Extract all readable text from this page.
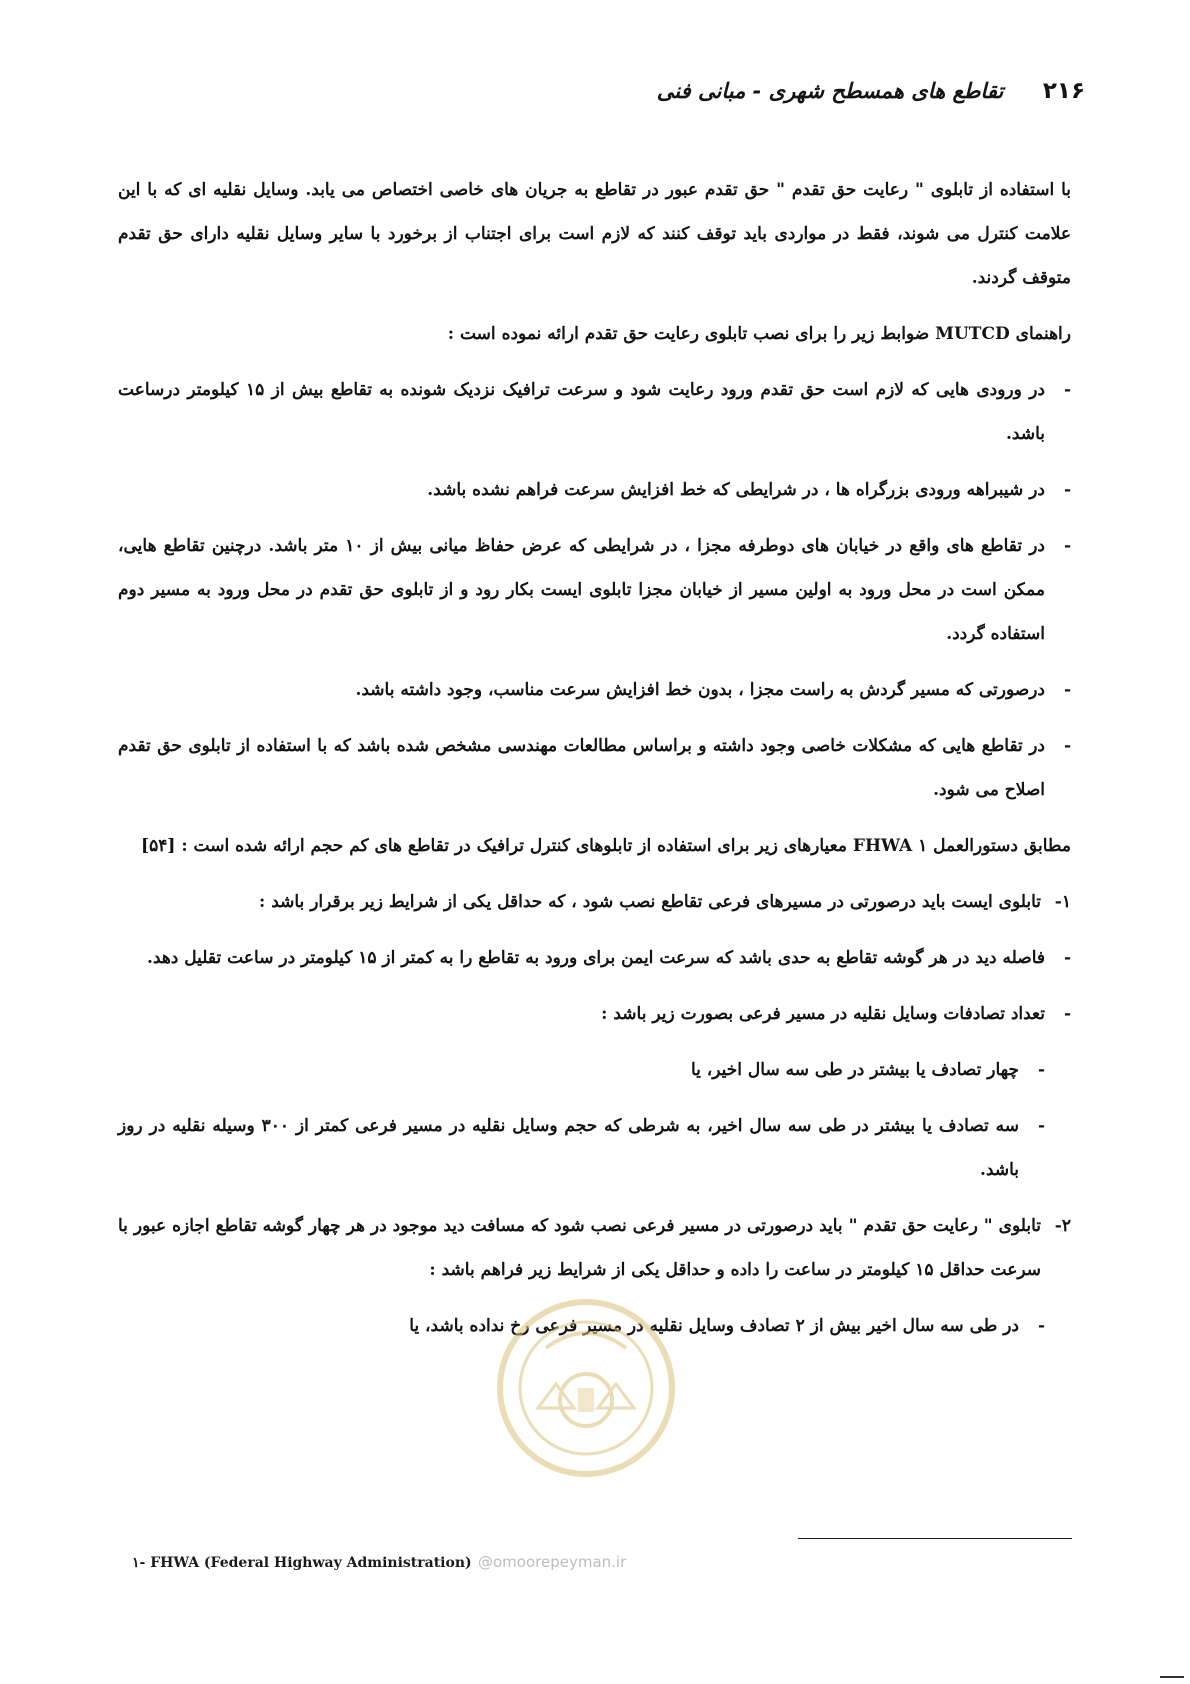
۲۱۶ تقاطع های همسطح شهری - مبانی فنی

با استفاده از تابلوی " رعایت حق تقدم " حق تقدم عبور در تقاطع به جریان های خاصی اختصاص می یابد. وسایل نقلیه ای که با این علامت کنترل می شوند، فقط در مواردی باید توقف کنند که لازم است برای اجتناب از برخورد با سایر وسایل نقلیه دارای حق تقدم متوقف گردند.

راهنمای MUTCD ضوابط زیر را برای نصب تابلوی رعایت حق تقدم ارائه نموده است :

-
در ورودی هایی که لازم است حق تقدم ورود رعایت شود و سرعت ترافیک نزدیک شونده به تقاطع بیش از ۱۵ کیلومتر درساعت باشد.
-
در شیبراهه ورودی بزرگراه ها ، در شرایطی که خط افزایش سرعت فراهم نشده باشد.
-
در تقاطع های واقع در خیابان های دوطرفه مجزا ، در شرایطی که عرض حفاظ میانی بیش از ۱۰ متر باشد. درچنین تقاطع هایی، ممکن است در محل ورود به اولین مسیر از خیابان مجزا تابلوی ایست بکار رود و از تابلوی حق تقدم در محل ورود به مسیر دوم استفاده گردد.
-
درصورتی که مسیر گردش به راست مجزا ، بدون خط افزایش سرعت مناسب، وجود داشته باشد.
-
در تقاطع هایی که مشکلات خاصی وجود داشته و براساس مطالعات مهندسی مشخص شده باشد که با استفاده از تابلوی حق تقدم اصلاح می شود.

مطابق دستورالعمل FHWA ۱ معیارهای زیر برای استفاده از تابلوهای کنترل ترافیک در تقاطع های کم حجم ارائه شده است : [۵۴]

۱-
تابلوی ایست باید درصورتی در مسیرهای فرعی تقاطع نصب شود ، که حداقل یکی از شرایط زیر برقرار باشد :
-
فاصله دید در هر گوشه تقاطع به حدی باشد که سرعت ایمن برای ورود به تقاطع را به کمتر از ۱۵ کیلومتر در ساعت تقلیل دهد.
-
تعداد تصادفات وسایل نقلیه در مسیر فرعی بصورت زیر باشد :
-
چهار تصادف یا بیشتر در طی سه سال اخیر، یا
-
سه تصادف یا بیشتر در طی سه سال اخیر، به شرطی که حجم وسایل نقلیه در مسیر فرعی کمتر از ۳۰۰ وسیله نقلیه در روز باشد.
۲-
تابلوی " رعایت حق تقدم " باید درصورتی در مسیر فرعی نصب شود که مسافت دید موجود در هر چهار گوشه تقاطع اجازه عبور با سرعت حداقل ۱۵ کیلومتر در ساعت را داده و حداقل یکی از شرایط زیر فراهم باشد :
-
در طی سه سال اخیر بیش از ۲ تصادف وسایل نقلیه در مسیر فرعی رخ نداده باشد، یا
@omoorepeyman.ir
۱- FHWA (Federal Highway Administration)
